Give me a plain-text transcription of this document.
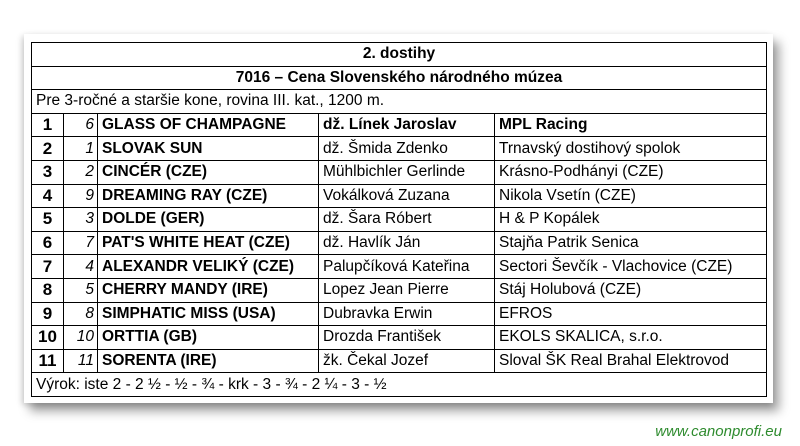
2. dostihy				
7016 – Cena Slovenského národného múzea				
Pre 3-ročné a staršie kone, rovina III. kat., 1200 m.				
1	6	GLASS OF CHAMPAGNE	dž. Línek Jaroslav	MPL Racing
2	1	SLOVAK SUN	dž. Šmida Zdenko	Trnavský dostihový spolok
3	2	CINCÉR (CZE)	Mühlbichler Gerlinde	Krásno-Podhányi (CZE)
4	9	DREAMING RAY (CZE)	Vokálková Zuzana	Nikola Vsetín (CZE)
5	3	DOLDE (GER)	dž. Šara Róbert	H & P Kopálek
6	7	PAT'S WHITE HEAT (CZE)	dž. Havlík Ján	Stajňa Patrik Senica
7	4	ALEXANDR VELIKÝ (CZE)	Palupčíková Kateřina	Sectori Ševčík - Vlachovice (CZE)
8	5	CHERRY MANDY (IRE)	Lopez Jean Pierre	Stáj Holubová (CZE)
9	8	SIMPHATIC MISS (USA)	Dubravka Erwin	EFROS
10	10	ORTTIA (GB)	Drozda František	EKOLS SKALICA, s.r.o.
11	11	SORENTA (IRE)	žk. Čekal Jozef	Sloval ŠK Real Brahal Elektrovod
Výrok: iste 2 - 2 ½ - ½ - ¾ - krk - 3 - ¾ - 2 ¼ - 3 - ½				
www.canonprofi.eu
